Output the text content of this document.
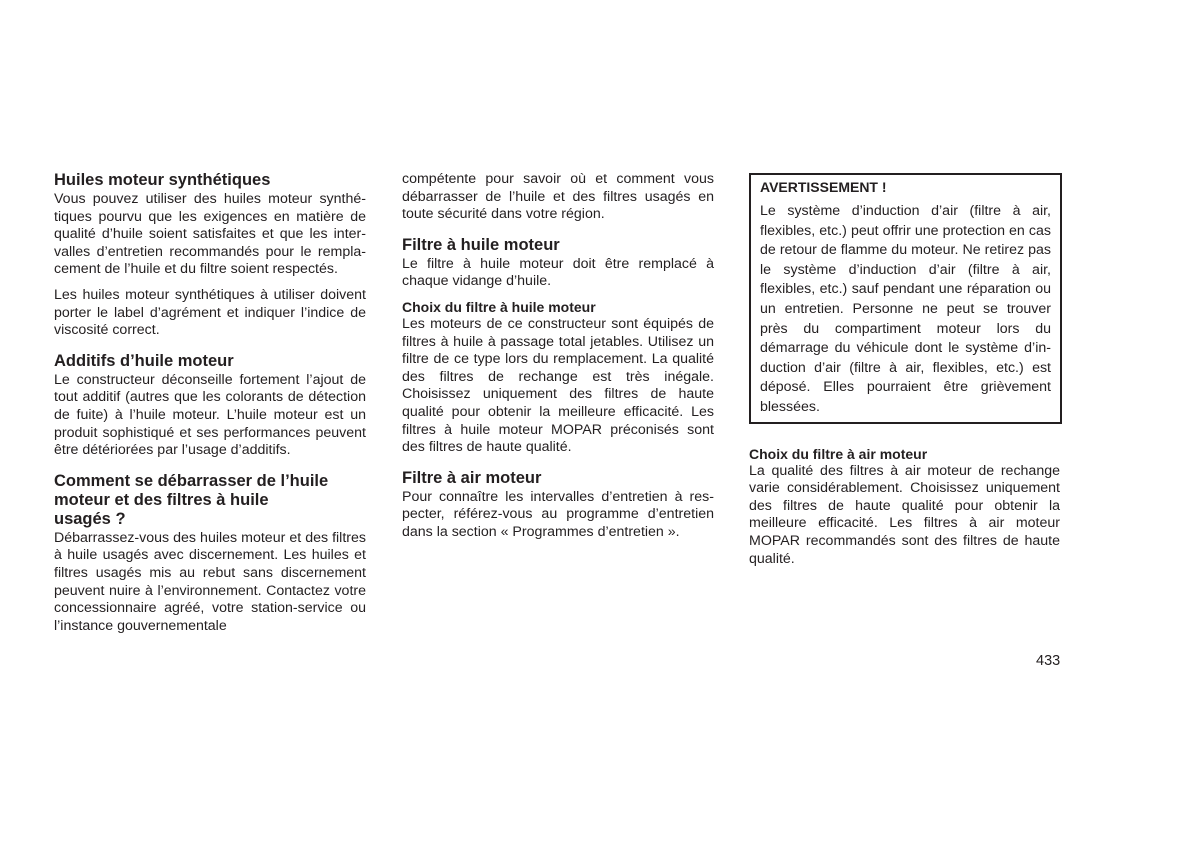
Huiles moteur synthétiques

Vous pouvez utiliser des huiles moteur synthétiques pourvu que les exigences en matière de qualité d’huile soient satisfaites et que les intervalles d’entretien recommandés pour le remplacement de l’huile et du filtre soient respectés.

Les huiles moteur synthétiques à utiliser doivent porter le label d’agrément et indiquer l’indice de viscosité correct.

Additifs d’huile moteur

Le constructeur déconseille fortement l’ajout de tout additif (autres que les colorants de détection de fuite) à l’huile moteur. L’huile moteur est un produit sophistiqué et ses performances peuvent être détériorées par l’usage d’additifs.

Comment se débarrasser de l’huile
moteur et des filtres à huile
usagés ?

Débarrassez-vous des huiles moteur et des filtres à huile usagés avec discernement. Les huiles et filtres usagés mis au rebut sans discernement peuvent nuire à l’environnement. Contactez votre concessionnaire agréé, votre station-service ou l’instance gouvernementale

compétente pour savoir où et comment vous débarrasser de l’huile et des filtres usagés en toute sécurité dans votre région.

Filtre à huile moteur

Le filtre à huile moteur doit être remplacé à chaque vidange d’huile.

Choix du filtre à huile moteur

Les moteurs de ce constructeur sont équipés de filtres à huile à passage total jetables. Utilisez un filtre de ce type lors du remplacement. La qualité des filtres de rechange est très inégale. Choisissez uniquement des filtres de haute qualité pour obtenir la meilleure efficacité. Les filtres à huile moteur MOPAR préconisés sont des filtres de haute qualité.

Filtre à air moteur

Pour connaître les intervalles d’entretien à respecter, référez-vous au programme d’entretien dans la section « Programmes d’entretien ».

AVERTISSEMENT !

Le système d’induction d’air (filtre à air, flexibles, etc.) peut offrir une protection en cas de retour de flamme du moteur. Ne retirez pas le système d’induction d’air (filtre à air, flexibles, etc.) sauf pendant une réparation ou un entretien. Personne ne peut se trouver près du compartiment moteur lors du démarrage du véhicule dont le système d’induction d’air (filtre à air, flexibles, etc.) est déposé. Elles pourraient être grièvement blessées.

Choix du filtre à air moteur

La qualité des filtres à air moteur de rechange varie considérablement. Choisissez uniquement des filtres de haute qualité pour obtenir la meilleure efficacité. Les filtres à air moteur MOPAR recommandés sont des filtres de haute qualité.

433
